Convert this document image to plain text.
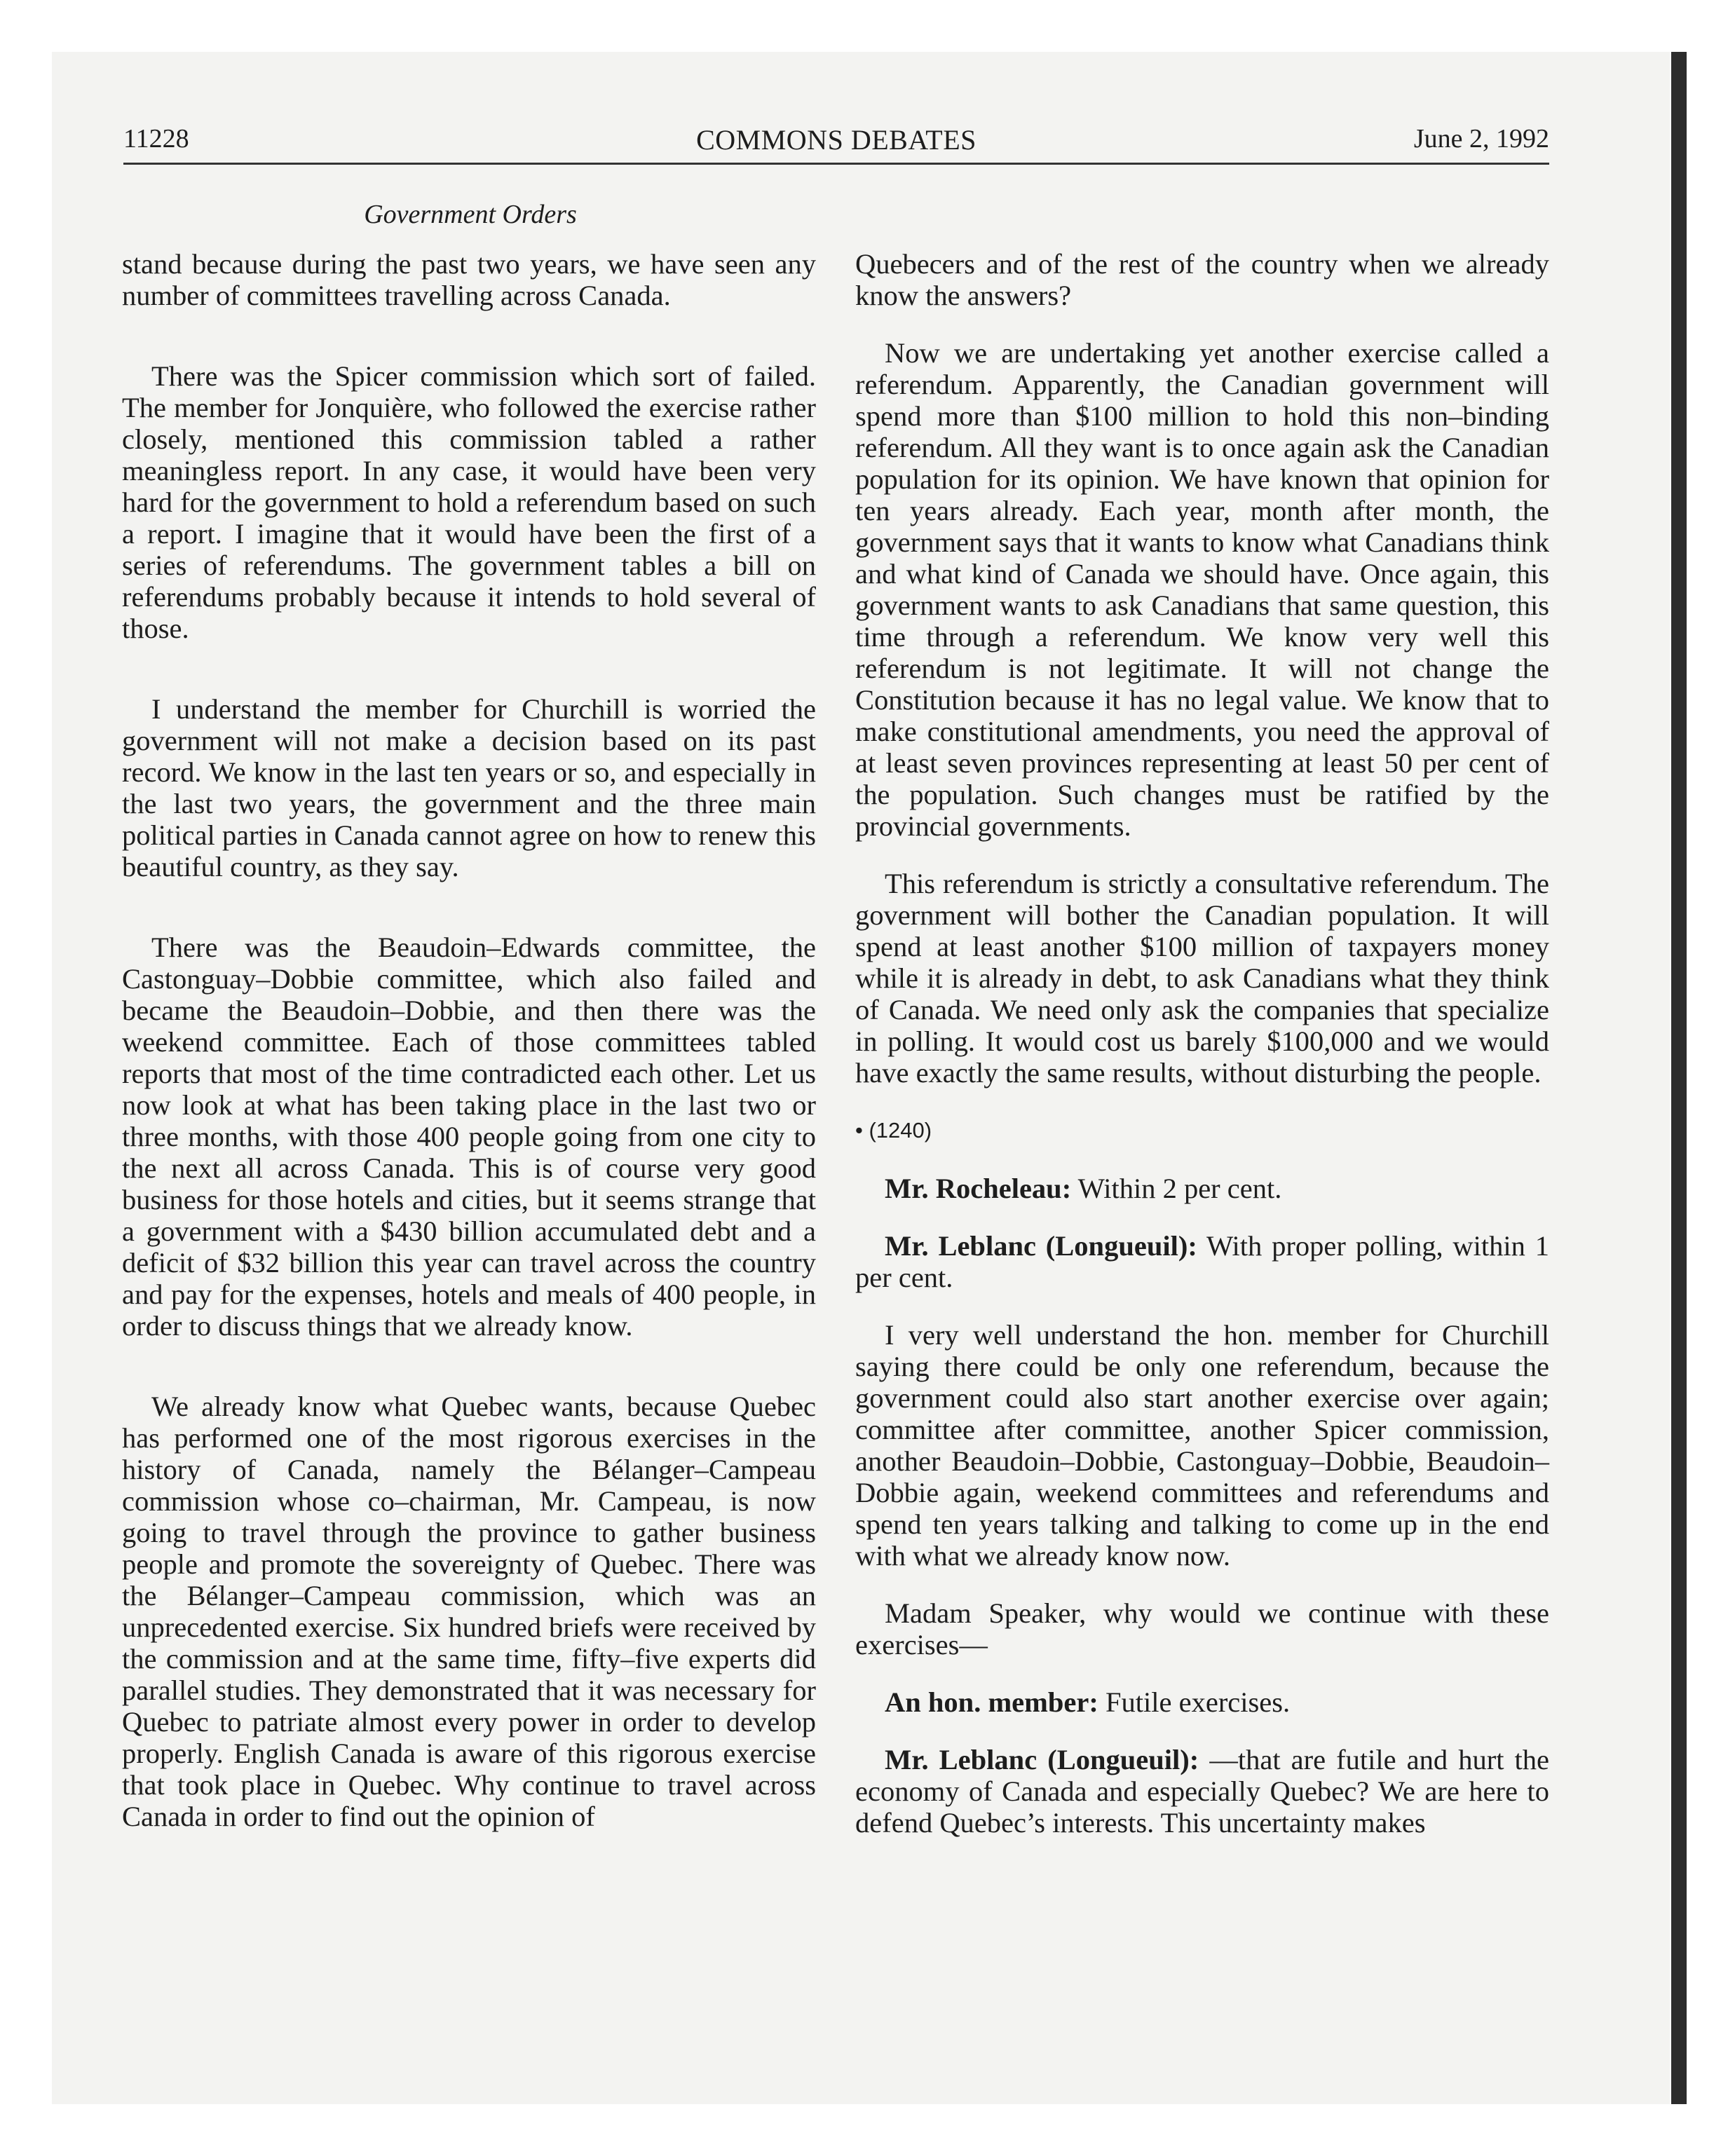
11228	COMMONS DEBATES	June 2, 1992
Government Orders

stand because during the past two years, we have seen any number of committees travelling across Canada.

There was the Spicer commission which sort of failed. The member for Jonquière, who followed the exercise rather closely, mentioned this commission tabled a rather meaningless report. In any case, it would have been very hard for the government to hold a referendum based on such a report. I imagine that it would have been the first of a series of referendums. The government tables a bill on referendums probably because it intends to hold several of those.

I understand the member for Churchill is worried the government will not make a decision based on its past record. We know in the last ten years or so, and especially in the last two years, the government and the three main political parties in Canada cannot agree on how to renew this beautiful country, as they say.

There was the Beaudoin–Edwards committee, the Castonguay–Dobbie committee, which also failed and became the Beaudoin–Dobbie, and then there was the weekend committee. Each of those committees tabled reports that most of the time contradicted each other. Let us now look at what has been taking place in the last two or three months, with those 400 people going from one city to the next all across Canada. This is of course very good business for those hotels and cities, but it seems strange that a government with a $430 billion accumulated debt and a deficit of $32 billion this year can travel across the country and pay for the expenses, hotels and meals of 400 people, in order to discuss things that we already know.

We already know what Quebec wants, because Quebec has performed one of the most rigorous exercises in the history of Canada, namely the Bélanger–Campeau commission whose co–chairman, Mr. Campeau, is now going to travel through the province to gather business people and promote the sovereignty of Quebec. There was the Bélanger–Campeau commission, which was an unprecedented exercise. Six hundred briefs were received by the commission and at the same time, fifty–five experts did parallel studies. They demonstrated that it was necessary for Quebec to patriate almost every power in order to develop properly. English Canada is aware of this rigorous exercise that took place in Quebec. Why continue to travel across Canada in order to find out the opinion of

Quebecers and of the rest of the country when we already know the answers?

Now we are undertaking yet another exercise called a referendum. Apparently, the Canadian government will spend more than $100 million to hold this non–binding referendum. All they want is to once again ask the Canadian population for its opinion. We have known that opinion for ten years already. Each year, month after month, the government says that it wants to know what Canadians think and what kind of Canada we should have. Once again, this government wants to ask Canadians that same question, this time through a referendum. We know very well this referendum is not legitimate. It will not change the Constitution because it has no legal value. We know that to make constitutional amendments, you need the approval of at least seven provinces representing at least 50 per cent of the population. Such changes must be ratified by the provincial governments.

This referendum is strictly a consultative referendum. The government will bother the Canadian population. It will spend at least another $100 million of taxpayers money while it is already in debt, to ask Canadians what they think of Canada. We need only ask the companies that specialize in polling. It would cost us barely $100,000 and we would have exactly the same results, without disturbing the people.

• (1240)

Mr. Rocheleau: Within 2 per cent.

Mr. Leblanc (Longueuil): With proper polling, within 1 per cent.

I very well understand the hon. member for Churchill saying there could be only one referendum, because the government could also start another exercise over again; committee after committee, another Spicer commission, another Beaudoin–Dobbie, Castonguay–Dobbie, Beaudoin–Dobbie again, weekend committees and referendums and spend ten years talking and talking to come up in the end with what we already know now.

Madam Speaker, why would we continue with these exercises—

An hon. member: Futile exercises.

Mr. Leblanc (Longueuil): —that are futile and hurt the economy of Canada and especially Quebec? We are here to defend Quebec’s interests. This uncertainty makes
